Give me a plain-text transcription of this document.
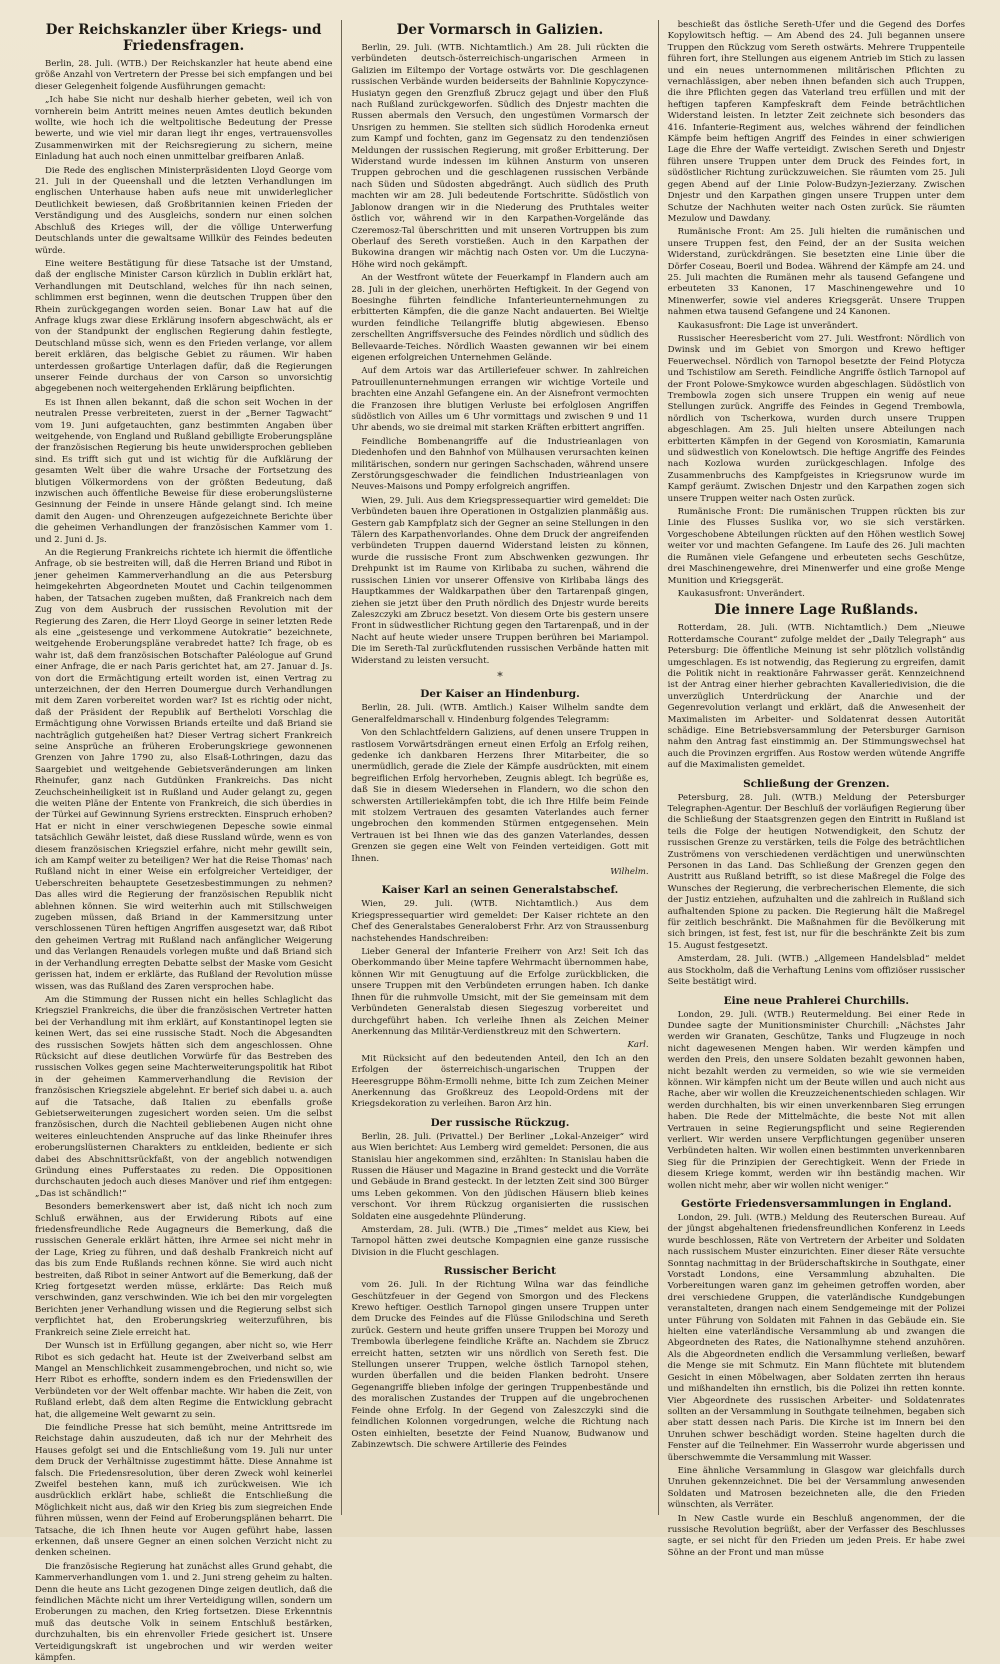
Der Reichskanzler über Kriegs- und Friedensfragen.

Berlin, 28. Juli. (WTB.) Der Reichskanzler hat heute abend eine größe Anzahl von Vertretern der Presse bei sich empfangen und bei dieser Gelegenheit folgende Ausführungen gemacht:

„Ich habe Sie nicht nur deshalb hierher gebeten, weil ich von vornherein beim Antritt meines neuen Amtes deutlich bekunden wollte, wie hoch ich die weltpolitische Bedeutung der Presse bewerte, und wie viel mir daran liegt ihr enges, vertrauensvolles Zusammenwirken mit der Reichsregierung zu sichern, meine Einladung hat auch noch einen unmittelbar greifbaren Anlaß.

Die Rede des englischen Ministerpräsidenten Lloyd George vom 21. Juli in der Queenshall und die letzten Verhandlungen im englischen Unterhause haben aufs neue mit unwiderleglicher Deutlichkeit bewiesen, daß Großbritannien keinen Frieden der Verständigung und des Ausgleichs, sondern nur einen solchen Abschluß des Krieges will, der die völlige Unterwerfung Deutschlands unter die gewaltsame Willkür des Feindes bedeuten würde.

Eine weitere Bestätigung für diese Tatsache ist der Umstand, daß der englische Minister Carson kürzlich in Dublin erklärt hat, Verhandlungen mit Deutschland, welches für ihn nach seinen, schlimmen erst beginnen, wenn die deutschen Truppen über den Rhein zurückgegangen worden seien. Bonar Law hat auf die Anfrage klugs zwar diese Erklärung insofern abgeschwächt, als er von der Standpunkt der englischen Regierung dahin festlegte, Deutschland müsse sich, wenn es den Frieden verlange, vor allem bereit erklären, das belgische Gebiet zu räumen. Wir haben unterdessen großartige Unterlagen dafür, daß die Regierungen unserer Feinde durchaus der von Carson so unvorsichtig abgegebenen noch weitergehenden Erklärung beipflichten.

Es ist Ihnen allen bekannt, daß die schon seit Wochen in der neutralen Presse verbreiteten, zuerst in der „Berner Tagwacht“ vom 19. Juni aufgetauchten, ganz bestimmten Angaben über weitgehende, von England und Rußland gebilligte Eroberungspläne der französischen Regierung bis heute unwidersprochen geblieben sind. Es trifft sich gut und ist wichtig für die Aufklärung der gesamten Welt über die wahre Ursache der Fortsetzung des blutigen Völkermordens von der größten Bedeutung, daß inzwischen auch öffentliche Beweise für diese eroberungslüsterne Gesinnung der Feinde in unsere Hände gelangt sind. Ich meine damit den Augen- und Ohrenzeugen aufgezeichnete Berichte über die geheimen Verhandlungen der französischen Kammer vom 1. und 2. Juni d. Js.

An die Regierung Frankreichs richtete ich hiermit die öffentliche Anfrage, ob sie bestreiten will, daß die Herren Briand und Ribot in jener geheimen Kammerverhandlung an die aus Petersburg heimgekehrten Abgeordneten Moutet und Cachin teilgenommen haben, der Tatsachen zugeben mußten, daß Frankreich nach dem Zug von dem Ausbruch der russischen Revolution mit der Regierung des Zaren, die Herr Lloyd George in seiner letzten Rede als eine „geistesenge und verkommene Autokratie“ bezeichnete, weitgehende Eroberungspläne verabredet hatte? Ich frage, ob es wahr ist, daß dem französischen Botschafter Paléologue auf Grund einer Anfrage, die er nach Paris gerichtet hat, am 27. Januar d. Js. von dort die Ermächtigung erteilt worden ist, einen Vertrag zu unterzeichnen, der den Herren Doumergue durch Verhandlungen mit dem Zaren vorbereitet worden war? Ist es richtig oder nicht, daß der Präsident der Republik auf Bertheloti Vorschlag die Ermächtigung ohne Vorwissen Briands erteilte und daß Briand sie nachträglich gutgeheißen hat? Dieser Vertrag sichert Frankreich seine Ansprüche an früheren Eroberungskriege gewonnenen Grenzen von Jahre 1790 zu, also Elsaß-Lothringen, dazu das Saargebiet und weitgehende Gebietsveränderungen am linken Rheinufer, ganz nach Gutdünken Frankreichs. Das nicht Zeuchscheinheiligkeit ist in Rußland und Auder gelangt zu, gegen die weiten Pläne der Entente von Frankreich, die sich überdies in der Türkei auf Gewinnung Syriens erstreckten. Einspruch erhoben? Hat er nicht in einer verschwiegenen Depesche sowie einmal tatsächlich Gewähr leistet, daß diese Russland würde, wenn es von diesem französischen Kriegsziel erfahre, nicht mehr gewillt sein, ich am Kampf weiter zu beteiligen? Wer hat die Reise Thomas' nach Rußland nicht in einer Weise ein erfolgreicher Verteidiger, der Ueberschreiten behauptete Gesetzesbestimmungen zu nehmen? Das alles wird die Regierung der französischen Republik nicht ablehnen können. Sie wird weiterhin auch mit Stillschweigen zugeben müssen, daß Briand in der Kammersitzung unter verschlossenen Türen heftigen Angriffen ausgesetzt war, daß Ribot den geheimen Vertrag mit Rußland nach anfänglicher Weigerung und das Verlangen Renaudels vorlegen mußte und daß Briand sich in der Verhandlung erregten Debatte selbst der Maske vom Gesicht gerissen hat, indem er erklärte, das Rußland der Revolution müsse wissen, was das Rußland des Zaren versprochen habe.

Am die Stimmung der Russen nicht ein helles Schlaglicht das Kriegsziel Frankreichs, die über die französischen Vertreter hatten bei der Verhandlung mit ihm erklärt, auf Konstantinopel legten sie keinen Wert, das sei eine russische Stadt. Noch die Abgesandten des russischen Sowjets hätten sich dem angeschlossen. Ohne Rücksicht auf diese deutlichen Vorwürfe für das Bestreben des russischen Volkes gegen seine Machterweiterungspolitik hat Ribot in der geheimen Kammerverhandlung die Revision der französischen Kriegsziele abgelehnt. Er berief sich dabei u. a. auch auf die Tatsache, daß Italien zu ebenfalls große Gebietserweiterungen zugesichert worden seien. Um die selbst französischen, durch die Nachteil gebliebenen Augen nicht ohne weiteres einleuchtenden Anspruche auf das linke Rheinufer ihres eroberungslüsternen Charakters zu entkleiden, bediente er sich dabei des Abschnittsrückfaßt, von der angeblich notwendigen Gründung eines Pufferstaates zu reden. Die Oppositionen durchschauten jedoch auch dieses Manöver und rief ihm entgegen: „Das ist schändlich!“

Besonders bemerkenswert aber ist, daß nicht ich noch zum Schluß erwähnen, aus der Erwiderung Ribots auf eine friedensfreundliche Rede Augagneurs die Bemerkung, daß die russischen Generale erklärt hätten, ihre Armee sei nicht mehr in der Lage, Krieg zu führen, und daß deshalb Frankreich nicht auf das bis zum Ende Rußlands rechnen könne. Sie wird auch nicht bestreiten, daß Ribot in seiner Antwort auf die Bemerkung, daß der Krieg fortgesetzt werden müsse, erklärte: Das Reich muß verschwinden, ganz verschwinden. Wie ich bei den mir vorgelegten Berichten jener Verhandlung wissen und die Regierung selbst sich verpflichtet hat, den Eroberungskrieg weiterzuführen, bis Frankreich seine Ziele erreicht hat.

Der Wunsch ist in Erfüllung gegangen, aber nicht so, wie Herr Ribot es sich gedacht hat. Heute ist der Zweiverband selbst am Mangel an Menschlichkeit zusammengebrochen, und nicht so, wie Herr Ribot es erhoffte, sondern indem es den Friedenswillen der Verbündeten vor der Welt offenbar machte. Wir haben die Zeit, von Rußland erlebt, daß dem alten Regime die Entwicklung gebracht hat, die allgemeine Welt gewarnt zu sein.

Die feindliche Presse hat sich bemüht, meine Antrittsrede im Reichstage dahin auszudeuten, daß ich nur der Mehrheit des Hauses gefolgt sei und die Entschließung vom 19. Juli nur unter dem Druck der Verhältnisse zugestimmt hätte. Diese Annahme ist falsch. Die Friedensresolution, über deren Zweck wohl keinerlei Zweifel bestehen kann, muß ich zurückweisen. Wie ich ausdrücklich erklärt habe, schließt die Entschließung die Möglichkeit nicht aus, daß wir den Krieg bis zum siegreichen Ende führen müssen, wenn der Feind auf Eroberungsplänen beharrt. Die Tatsache, die ich Ihnen heute vor Augen geführt habe, lassen erkennen, daß unsere Gegner an einen solchen Verzicht nicht zu denken scheinen.

Die französische Regierung hat zunächst alles Grund gehabt, die Kammerverhandlungen vom 1. und 2. Juni streng geheim zu halten. Denn die heute ans Licht gezogenen Dinge zeigen deutlich, daß die feindlichen Mächte nicht um ihrer Verteidigung willen, sondern um Eroberungen zu machen, den Krieg fortsetzen. Diese Erkenntnis muß das deutsche Volk in seinem Entschluß bestärken, durchzuhalten, bis ein ehrenvoller Friede gesichert ist. Unsere Verteidigungskraft ist ungebrochen und wir werden weiter kämpfen.

Der Vormarsch in Galizien.

Berlin, 29. Juli. (WTB. Nichtamtlich.) Am 28. Juli rückten die verbündeten deutsch-österreichisch-ungarischen Armeen in Galizien im Eiltempo der Vortage ostwärts vor. Die geschlagenen russischen Verbände wurden beiderseits der Bahnlinie Kopyczynce-Husiatyn gegen den Grenzfluß Zbrucz gejagt und über den Fluß nach Rußland zurückgeworfen. Südlich des Dnjestr machten die Russen abermals den Versuch, den ungestümen Vormarsch der Unsrigen zu hemmen. Sie stellten sich südlich Horodenka erneut zum Kampf und fochten, ganz im Gegensatz zu den tendenziösen Meldungen der russischen Regierung, mit großer Erbitterung. Der Widerstand wurde indessen im kühnen Ansturm von unseren Truppen gebrochen und die geschlagenen russischen Verbände nach Süden und Südosten abgedrängt. Auch südlich des Pruth machten wir am 28. Juli bedeutende Fortschritte. Südöstlich von Jablonow drangen wir in die Niederung des Pruthtales weiter östlich vor, während wir in den Karpathen-Vorgelände das Czeremosz-Tal überschritten und mit unseren Vortruppen bis zum Oberlauf des Sereth vorstießen. Auch in den Karpathen der Bukowina drangen wir mächtig nach Osten vor. Um die Luczyna-Höhe wird noch gekämpft.

An der Westfront wütete der Feuerkampf in Flandern auch am 28. Juli in der gleichen, unerhörten Heftigkeit. In der Gegend von Boesinghe führten feindliche Infanterieunternehmungen zu erbitterten Kämpfen, die die ganze Nacht andauerten. Bei Wieltje wurden feindliche Teilangriffe blutig abgewiesen. Ebenso zerschellten Angriffsversuche des Feindes nördlich und südlich des Bellevaarde-Teiches. Nördlich Waasten gewannen wir bei einem eigenen erfolgreichen Unternehmen Gelände.

Auf dem Artois war das Artilleriefeuer schwer. In zahlreichen Patrouillenunternehmungen errangen wir wichtige Vorteile und brachten eine Anzahl Gefangene ein. An der Aisnefront vermochten die Franzosen ihre blutigen Verluste bei erfolglosen Angriffen südöstlich von Ailles um 6 Uhr vormittags und zwischen 9 und 11 Uhr abends, wo sie dreimal mit starken Kräften erbittert angriffen.

Feindliche Bombenangriffe auf die Industrieanlagen von Diedenhofen und den Bahnhof von Mülhausen verursachten keinen militärischen, sondern nur geringen Sachschaden, während unsere Zerstörungsgeschwader die feindlichen Industrieanlagen von Neuves-Maisons und Pompy erfolgreich angriffen.

Wien, 29. Juli. Aus dem Kriegspressequartier wird gemeldet: Die Verbündeten bauen ihre Operationen in Ostgalizien planmäßig aus. Gestern gab Kampfplatz sich der Gegner an seine Stellungen in den Tälern des Karpathenvorlandes. Ohne dem Druck der angreifenden verbündeten Truppen dauernd Widerstand leisten zu können, wurde die russische Front zum Abschwenken gezwungen. Ihr Drehpunkt ist im Raume von Kirlibaba zu suchen, während die russischen Linien vor unserer Offensive von Kirlibaba längs des Hauptkammes der Waldkarpathen über den Tartarenpaß gingen, ziehen sie jetzt über den Pruth nördlich des Dnjestr wurde bereits Zaleszczyki am Zbrucz besetzt. Von diesem Orte bis gestern unsere Front in südwestlicher Richtung gegen den Tartarenpaß, und in der Nacht auf heute wieder unsere Truppen berühren bei Mariampol. Die im Sereth-Tal zurückflutenden russischen Verbände hatten mit Widerstand zu leisten versucht.

*

Der Kaiser an Hindenburg.

Berlin, 28. Juli. (WTB. Amtlich.) Kaiser Wilhelm sandte dem Generalfeldmarschall v. Hindenburg folgendes Telegramm:

Von den Schlachtfeldern Galiziens, auf denen unsere Truppen in rastlosem Vorwärtsdrängen erneut einen Erfolg an Erfolg reihen, gedenke ich dankbaren Herzens Ihrer Mitarbeiter, die so unermüdlich, gerade die Ziele der Kämpfe ausdrückten, mit einem begreiflichen Erfolg hervorheben, Zeugnis ablegt. Ich begrüße es, daß Sie in diesem Wiedersehen in Flandern, wo die schon den schwersten Artilleriekämpfen tobt, die ich Ihre Hilfe beim Feinde mit stolzem Vertrauen des gesamten Vaterlandes auch ferner ungebrochen den kommenden Stürmen entgegensehen. Mein Vertrauen ist bei Ihnen wie das des ganzen Vaterlandes, dessen Grenzen sie gegen eine Welt von Feinden verteidigen. Gott mit Ihnen.

Wilhelm.

Kaiser Karl an seinen Generalstabschef.

Wien, 29. Juli. (WTB. Nichtamtlich.) Aus dem Kriegspressequartier wird gemeldet: Der Kaiser richtete an den Chef des Generalstabes Generaloberst Frhr. Arz von Straussenburg nachstehendes Handschreiben:

Lieber General der Infanterie Freiherr von Arz! Seit Ich das Oberkommando über Meine tapfere Wehrmacht übernommen habe, können Wir mit Genugtuung auf die Erfolge zurückblicken, die unsere Truppen mit den Verbündeten errungen haben. Ich danke Ihnen für die ruhmvolle Umsicht, mit der Sie gemeinsam mit dem Verbündeten Generalstab diesen Siegeszug vorbereitet und durchgeführt haben. Ich verleihe Ihnen als Zeichen Meiner Anerkennung das Militär-Verdienstkreuz mit den Schwertern.

Karl.

Mit Rücksicht auf den bedeutenden Anteil, den Ich an den Erfolgen der österreichisch-ungarischen Truppen der Heeresgruppe Böhm-Ermolli nehme, bitte Ich zum Zeichen Meiner Anerkennung das Großkreuz des Leopold-Ordens mit der Kriegsdekoration zu verleihen. Baron Arz hin.

Der russische Rückzug.

Berlin, 28. Juli. (Privattel.) Der Berliner „Lokal-Anzeiger“ wird aus Wien berichtet: Aus Lemberg wird gemeldet: Personen, die aus Stanislau hier angekommen sind, erzählten: In Stanislau haben die Russen die Häuser und Magazine in Brand gesteckt und die Vorräte und Gebäude in Brand gesteckt. In der letzten Zeit sind 300 Bürger ums Leben gekommen. Von den jüdischen Häusern blieb keines verschont. Vor ihrem Rückzug organisierten die russischen Soldaten eine ausgedehnte Plünderung.

Amsterdam, 28. Juli. (WTB.) Die „Times“ meldet aus Kiew, bei Tarnopol hätten zwei deutsche Kompagnien eine ganze russische Division in die Flucht geschlagen.

Russischer Bericht

vom 26. Juli. In der Richtung Wilna war das feindliche Geschützfeuer in der Gegend von Smorgon und des Fleckens Krewo heftiger. Oestlich Tarnopol gingen unsere Truppen unter dem Drucke des Feindes auf die Flüsse Gnilodschina und Sereth zurück. Gestern und heute griffen unsere Truppen bei Morozy und Trembowla überlegene feindliche Kräfte an. Nachdem sie Zbrucz erreicht hatten, setzten wir uns nördlich von Sereth fest. Die Stellungen unserer Truppen, welche östlich Tarnopol stehen, wurden überfallen und die beiden Flanken bedroht. Unsere Gegenangriffe blieben infolge der geringen Truppenbestände und des moralischen Zustandes der Truppen auf die ungebrochenen Feinde ohne Erfolg. In der Gegend von Zaleszczyki sind die feindlichen Kolonnen vorgedrungen, welche die Richtung nach Osten einhielten, besetzte der Feind Nuanow, Budwanow und Zabinzewtsch. Die schwere Artillerie des Feindes

beschießt das östliche Sereth-Ufer und die Gegend des Dorfes Kopylowitsch heftig. — Am Abend des 24. Juli begannen unsere Truppen den Rückzug vom Sereth ostwärts. Mehrere Truppenteile führen fort, ihre Stellungen aus eigenem Antrieb im Stich zu lassen und ein neues unternommenen militärischen Pflichten zu vernachlässigen, aber neben ihnen befanden sich auch Truppen, die ihre Pflichten gegen das Vaterland treu erfüllen und mit der heftigen tapferen Kampfeskraft dem Feinde beträchtlichen Widerstand leisten. In letzter Zeit zeichnete sich besonders das 416. Infanterie-Regiment aus, welches während der feindlichen Kämpfe beim heftigen Angriff des Feindes in einer schwierigen Lage die Ehre der Waffe verteidigt. Zwischen Sereth und Dnjestr führen unsere Truppen unter dem Druck des Feindes fort, in südöstlicher Richtung zurückzuweichen. Sie räumten vom 25. Juli gegen Abend auf der Linie Polow-Budzyn-Jezierzany. Zwischen Dnjestr und den Karpathen gingen unsere Truppen unter dem Schutze der Nachhuten weiter nach Osten zurück. Sie räumten Mezulow und Dawdany.

Rumänische Front: Am 25. Juli hielten die rumänischen und unsere Truppen fest, den Feind, der an der Susita weichen Widerstand, zurückdrängen. Sie besetzten eine Linie über die Dörfer Coseau, Boeril und Bodea. Während der Kämpfe am 24. und 25. Juli machten die Rumänen mehr als tausend Gefangene und erbeuteten 33 Kanonen, 17 Maschinengewehre und 10 Minenwerfer, sowie viel anderes Kriegsgerät. Unsere Truppen nahmen etwa tausend Gefangene und 24 Kanonen.

Kaukasusfront: Die Lage ist unverändert.

Russischer Heeresbericht vom 27. Juli. Westfront: Nördlich von Dwinsk und im Gebiet von Smorgon und Krewo heftiger Feuerwechsel. Nördlich von Tarnopol besetzte der Feind Plotycza und Tschistilow am Sereth. Feindliche Angriffe östlich Tarnopol auf der Front Polowe-Smykowce wurden abgeschlagen. Südöstlich von Trembowla zogen sich unsere Truppen ein wenig auf neue Stellungen zurück. Angriffe des Feindes in Gegend Trembowla, nördlich von Tscherkowa, wurden durch unsere Truppen abgeschlagen. Am 25. Juli hielten unsere Abteilungen nach erbitterten Kämpfen in der Gegend von Korosmiatin, Kamarunia und südwestlich von Konelowtsch. Die heftige Angriffe des Feindes nach Kozlowa wurden zurückgeschlagen. Infolge des Zusammenbruchs des Kampfgeistes in Kriegsrunow wurde im Kampf geräumt. Zwischen Dnjestr und den Karpathen zogen sich unsere Truppen weiter nach Osten zurück.

Rumänische Front: Die rumänischen Truppen rückten bis zur Linie des Flusses Suslika vor, wo sie sich verstärken. Vorgeschobene Abteilungen rückten auf den Höhen westlich Sowej weiter vor und machten Gefangene. Im Laufe des 26. Juli machten die Rumänen viele Gefangene und erbeuteten sechs Geschütze, drei Maschinengewehre, drei Minenwerfer und eine große Menge Munition und Kriegsgerät.

Kaukasusfront: Unverändert.

Die innere Lage Rußlands.

Rotterdam, 28. Juli. (WTB. Nichtamtlich.) Dem „Nieuwe Rotterdamsche Courant“ zufolge meldet der „Daily Telegraph“ aus Petersburg: Die öffentliche Meinung ist sehr plötzlich vollständig umgeschlagen. Es ist notwendig, das Regierung zu ergreifen, damit die Politik nicht in reaktionäre Fahrwasser gerät. Kennzeichnend ist der Antrag einer hierher gebrachten Kavalleriedivision, die die unverzüglich Unterdrückung der Anarchie und der Gegenrevolution verlangt und erklärt, daß die Anwesenheit der Maximalisten im Arbeiter- und Soldatenrat dessen Autorität schädige. Eine Betriebsversammlung der Petersburger Garnison nahm den Antrag fast einstimmig an. Der Stimmungswechsel hat auch die Provinzen ergriffen. Aus Rostow werden wütende Angriffe auf die Maximalisten gemeldet.

Schließung der Grenzen.

Petersburg, 28. Juli. (WTB.) Meldung der Petersburger Telegraphen-Agentur. Der Beschluß der vorläufigen Regierung über die Schließung der Staatsgrenzen gegen den Eintritt in Rußland ist teils die Folge der heutigen Notwendigkeit, den Schutz der russischen Grenze zu verstärken, teils die Folge des beträchtlichen Zuströmens von verschiedenen verdächtigen und unerwünschten Personen in das Land. Das Schließung der Grenzen gegen den Austritt aus Rußland betrifft, so ist diese Maßregel die Folge des Wunsches der Regierung, die verbrecherischen Elemente, die sich der Justiz entziehen, aufzuhalten und die zahlreich in Rußland sich aufhaltenden Spione zu packen. Die Regierung hält die Maßregel für zeitlich beschränkt. Die Maßnahmen für die Bevölkerung mit sich bringen, ist fest, fest ist, nur für die beschränkte Zeit bis zum 15. August festgesetzt.

Amsterdam, 28. Juli. (WTB.) „Allgemeen Handelsblad“ meldet aus Stockholm, daß die Verhaftung Lenins vom offiziöser russischer Seite bestätigt wird.

Eine neue Prahlerei Churchills.

London, 29. Juli. (WTB.) Reutermeldung. Bei einer Rede in Dundee sagte der Munitionsminister Churchill: „Nächstes Jahr werden wir Granaten, Geschütze, Tanks und Flugzeuge in noch nicht dagewesenen Mengen haben. Wir werden kämpfen und werden den Preis, den unsere Soldaten bezahlt gewonnen haben, nicht bezahlt werden zu vermeiden, so wie wie sie vermeiden können. Wir kämpfen nicht um der Beute willen und auch nicht aus Rache, aber wir wollen die Kreuzzeichenentschieden schlagen. Wir werden durchhalten, bis wir einen unverkennbaren Sieg errungen haben. Die Rede der Mittelmächte, die beste Not mit allen Vertrauen in seine Regierungspflicht und seine Regierenden verliert. Wir werden unsere Verpflichtungen gegenüber unseren Verbündeten halten. Wir wollen einen bestimmten unverkennbaren Sieg für die Prinzipien der Gerechtigkeit. Wenn der Friede in diesem Kriege kommt, werden wir ihn beständig machen. Wir wollen nicht mehr, aber wir wollen nicht weniger.“

Gestörte Friedensversammlungen in England.

London, 29. Juli. (WTB.) Meldung des Reuterschen Bureau. Auf der jüngst abgehaltenen friedensfreundlichen Konferenz in Leeds wurde beschlossen, Räte von Vertretern der Arbeiter und Soldaten nach russischem Muster einzurichten. Einer dieser Räte versuchte Sonntag nachmittag in der Brüderschaftskirche in Southgate, einer Vorstadt Londons, eine Versammlung abzuhalten. Die Vorbereitungen waren ganz im geheimen getroffen worden, aber drei verschiedene Gruppen, die vaterländische Kundgebungen veranstalteten, drangen nach einem Sendgemeinge mit der Polizei unter Führung von Soldaten mit Fahnen in das Gebäude ein. Sie hielten eine vaterländische Versammlung ab und zwangen die Abgeordneten des Rates, die Nationalhymne stehend anzuhören. Als die Abgeordneten endlich die Versammlung verließen, bewarf die Menge sie mit Schmutz. Ein Mann flüchtete mit blutendem Gesicht in einen Möbelwagen, aber Soldaten zerrten ihn heraus und mißhandelten ihn ernstlich, bis die Polizei ihn retten konnte. Vier Abgeordnete des russischen Arbeiter- und Soldatenrates sollten an der Versammlung in Southgate teilnehmen, begaben sich aber statt dessen nach Paris. Die Kirche ist im Innern bei den Unruhen schwer beschädigt worden. Steine hagelten durch die Fenster auf die Teilnehmer. Ein Wasserrohr wurde abgerissen und überschwemmte die Versammlung mit Wasser.

Eine ähnliche Versammlung in Glasgow war gleichfalls durch Unruhen gekennzeichnet. Die bei der Versammlung anwesenden Soldaten und Matrosen bezeichneten alle, die den Frieden wünschten, als Verräter.

In New Castle wurde ein Beschluß angenommen, der die russische Revolution begrüßt, aber der Verfasser des Beschlusses sagte, er sei nicht für den Frieden um jeden Preis. Er habe zwei Söhne an der Front und man müsse
